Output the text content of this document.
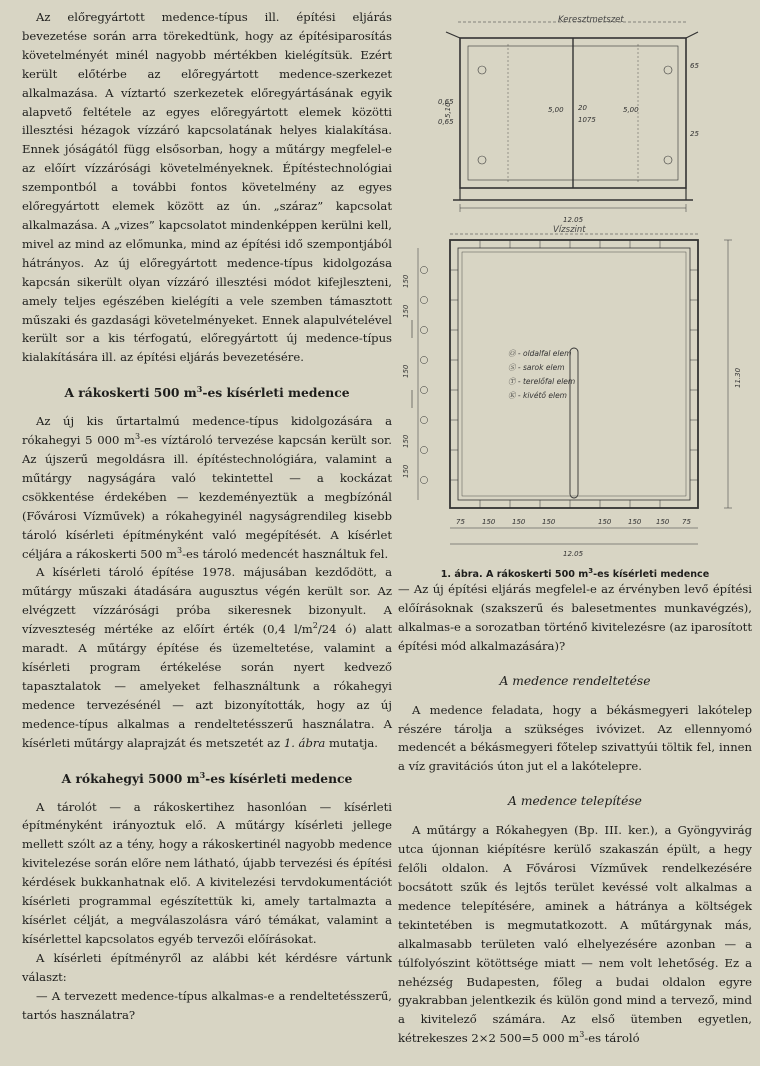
Az előregyártott medence-típus ill. építési eljárás bevezetése során arra törekedtünk, hogy az építésiparosítás követelményét minél nagyobb mértékben kielégítsük. Ezért került előtérbe az előregyártott medence-szerkezet alkalmazása. A víztartó szerkezetek előregyártásának egyik alapvető feltétele az egyes előregyártott elemek közötti illesztési hézagok vízzáró kapcsolatának helyes kialakítása. Ennek jóságától függ elsősorban, hogy a műtárgy megfelel-e az előírt vízzárósági követelményeknek. Építéstechnológiai szempontból a további fontos követelmény az egyes előregyártott elemek között az ún. „száraz” kapcsolat alkalmazása. A „vizes” kapcsolatot mindenképpen kerülni kell, mivel az mind az előmunka, mind az építési idő szempontjából hátrányos. Az új előregyártott medence-típus kidolgozása kapcsán sikerült olyan vízzáró illesztési módot kifejleszteni, amely teljes egészében kielégíti a vele szemben támasztott műszaki és gazdasági követelményeket. Ennek alapulvételével került sor a kis térfogatú, előregyártott új medence-típus kialakítására ill. az építési eljárás bevezetésére.

A rákoskerti 500 $m^3-es$ kísérleti medence

Az új kis űrtartalmú medence-típus kidolgozására a rókahegyi 5 000 $m^3-es$ víztároló tervezése kapcsán került sor. Az újszerű megoldásra ill. építéstechnológiára, valamint a műtárgy nagyságára való tekintettel — a kockázat csökkentése érdekében — kezdeményeztük a megbízónál (Fővárosi Vízművek) a rókahegyinél nagyságrendileg kisebb tároló kísérleti építményként való megépítését. A kísérlet céljára a rákoskerti 500 $m^3-es$ tároló medencét használtuk fel.

A kísérleti tároló építése 1978. májusában kezdődött, a műtárgy műszaki átadására augusztus végén került sor. Az elvégzett vízzárósági próba sikeresnek bizonyult. A vízveszteség mértéke az előírt érték (0,4 $l/m^2/24$ ó) alatt maradt. A műtárgy építése és üzemeltetése, valamint a kísérleti program értékelése során nyert kedvező tapasztalatok — amelyeket felhasználtunk a rókahegyi medence tervezésénél — azt bizonyították, hogy az új medence-típus alkalmas a rendeltetésszerű használatra. A kísérleti műtárgy alaprajzát és metszetét az 1. ábra mutatja.

A rókahegyi 5000 $m^3-es$ kísérleti medence

A tárolót — a rákoskertihez hasonlóan — kísérleti építményként irányoztuk elő. A műtárgy kísérleti jellege mellett szólt az a tény, hogy a rákoskertinél nagyobb medence kivitelezése során előre nem látható, újabb tervezési és építési kérdések bukkanhatnak elő. A kivitelezési tervdokumentációt kísérleti programmal egészítettük ki, amely tartalmazta a kísérlet célját, a megválaszolásra váró témákat, valamint a kísérlettel kapcsolatos egyéb tervezői előírásokat.

A kísérleti építményről az alábbi két kérdésre vártunk választ:

— A tervezett medence-típus alkalmas-e a rendeltetésszerű, tartós használatra?

Keresztmetszet
5,00	5,00
1075
20
5,10
0,65
0,65
65
25
12.05
Vízszint
Ⓞ - oldalfal elem
Ⓢ - sarok elem
Ⓣ - terelőfal elem
Ⓚ - kivétő elem
150
150
150
150
150
11.30
75 150 150 150	150 150 150 75
12.05
1. ábra. A rákoskerti 500 $m^3-es$ kísérleti medence

— Az új építési eljárás megfelel-e az érvényben levő építési előírásoknak (szakszerű és balesetmentes munkavégzés), alkalmas-e a sorozatban történő kivitelezésre (az iparosított építési mód alkalmazására)?

A medence rendeltetése

A medence feladata, hogy a békásmegyeri lakótelep részére tárolja a szükséges ivóvizet. Az ellennyomó medencét a békásmegyeri főtelep szivattyúi töltik fel, innen a víz gravitációs úton jut el a lakótelepre.

A medence telepítése

A műtárgy a Rókahegyen (Bp. III. ker.), a Gyöngyvirág utca újonnan kiépítésre kerülő szakaszán épült, a hegy felőli oldalon. A Fővárosi Vízművek rendelkezésére bocsátott szűk és lejtős terület kevéssé volt alkalmas a medence telepítésére, aminek a hátránya a költségek tekintetében is megmutatkozott. A műtárgynak más, alkalmasabb területen való elhelyezésére azonban — a túlfolyószint kötöttsége miatt — nem volt lehetőség. Ez a nehézség Budapesten, főleg a budai oldalon egyre gyakrabban jelentkezik és külön gond mind a tervező, mind a kivitelező számára. Az első ütemben egyetlen, kétrekeszes 2×2 500=5 000 $m^3-es$ tároló
